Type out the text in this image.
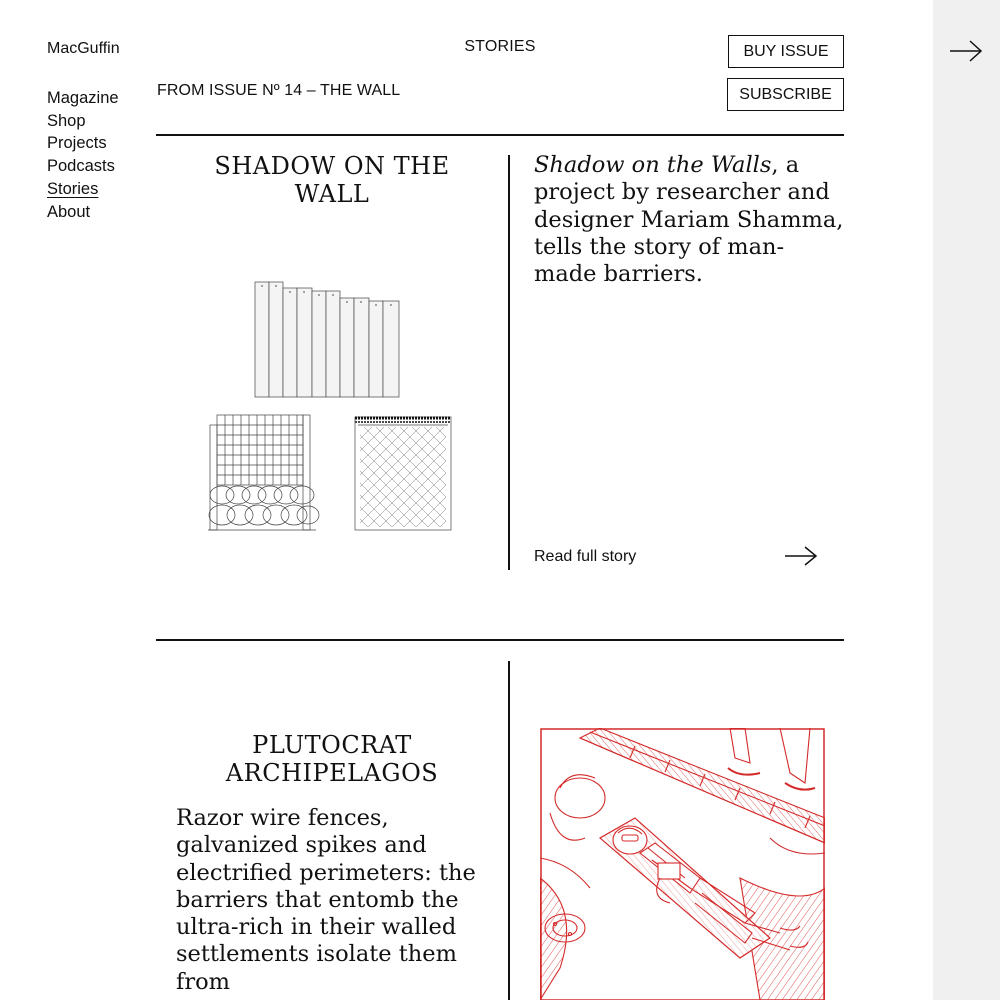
MacGuffin
Magazine
Shop
Projects
Podcasts
Stories
About
STORIES	BUY ISSUE
SUBSCRIBE
FROM ISSUE Nº 14 – THE WALL
SHADOW ON THE WALL
Shadow on the Walls, a project by researcher and designer Mariam Shamma, tells the story of man-made barriers.
Read full story
PLUTOCRAT ARCHIPELAGOS
Razor wire fences, galvanized spikes and electrified perimeters: the barriers that entomb the ultra-rich in their walled settlements isolate them from
